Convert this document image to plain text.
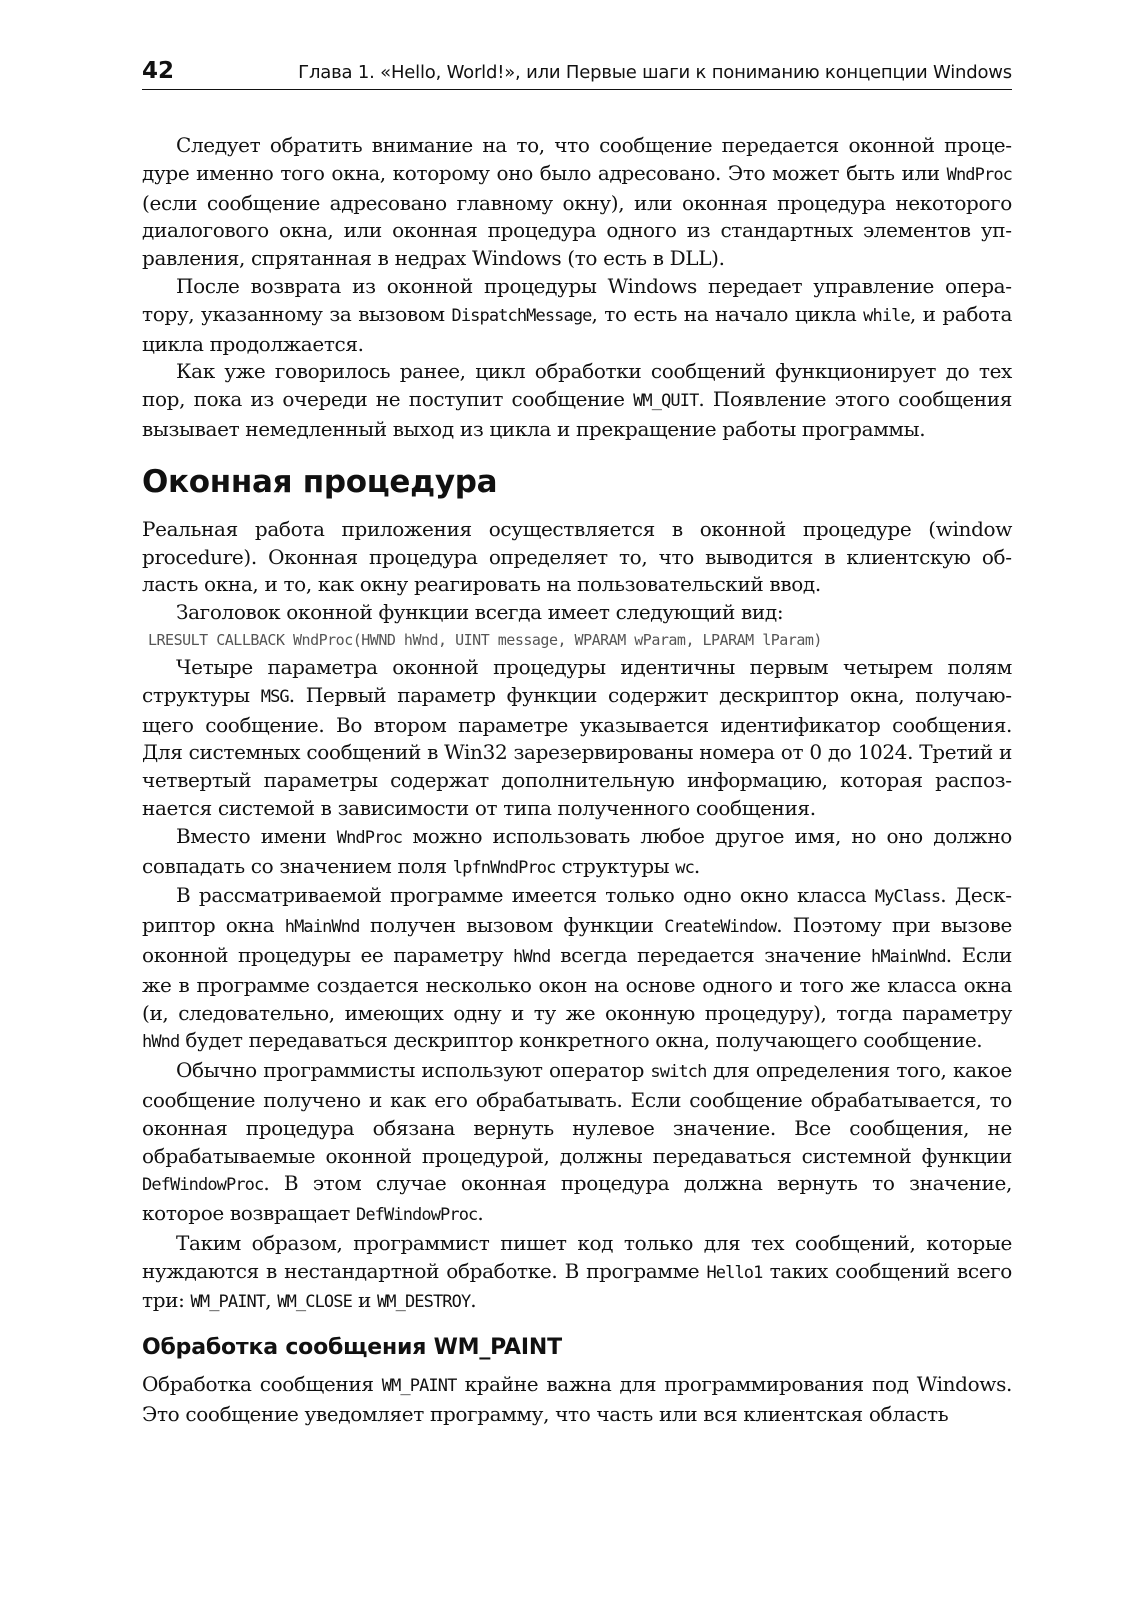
42	Глава 1. «Hello, World!», или Первые шаги к пониманию концепции Windows

Следует обратить внимание на то, что сообщение передается оконной процедуре именно того окна, которому оно было адресовано. Это может быть или WndProc (если сообщение адресовано главному окну), или оконная процедура некоторого диалогового окна, или оконная процедура одного из стандартных элементов управления, спрятанная в недрах Windows (то есть в DLL).

После возврата из оконной процедуры Windows передает управление оператору, указанному за вызовом DispatchMessage, то есть на начало цикла while, и работа цикла продолжается.

Как уже говорилось ранее, цикл обработки сообщений функционирует до тех пор, пока из очереди не поступит сообщение WM_QUIT. Появление этого сообщения вызывает немедленный выход из цикла и прекращение работы программы.

Оконная процедура

Реальная работа приложения осуществляется в оконной процедуре (window procedure). Оконная процедура определяет то, что выводится в клиентскую область окна, и то, как окну реагировать на пользовательский ввод.

Заголовок оконной функции всегда имеет следующий вид:

LRESULT CALLBACK WndProc(HWND hWnd, UINT message, WPARAM wParam, LPARAM lParam)

Четыре параметра оконной процедуры идентичны первым четырем полям структуры MSG. Первый параметр функции содержит дескриптор окна, получающего сообщение. Во втором параметре указывается идентификатор сообщения. Для системных сообщений в Win32 зарезервированы номера от 0 до 1024. Третий и четвертый параметры содержат дополнительную информацию, которая распознается системой в зависимости от типа полученного сообщения.

Вместо имени WndProc можно использовать любое другое имя, но оно должно совпадать со значением поля lpfnWndProc структуры wc.

В рассматриваемой программе имеется только одно окно класса MyClass. Дескриптор окна hMainWnd получен вызовом функции CreateWindow. Поэтому при вызове оконной процедуры ее параметру hWnd всегда передается значение hMainWnd. Если же в программе создается несколько окон на основе одного и того же класса окна (и, следовательно, имеющих одну и ту же оконную процедуру), тогда параметру hWnd будет передаваться дескриптор конкретного окна, получающего сообщение.

Обычно программисты используют оператор switch для определения того, какое сообщение получено и как его обрабатывать. Если сообщение обрабатывается, то оконная процедура обязана вернуть нулевое значение. Все сообщения, не обрабатываемые оконной процедурой, должны передаваться системной функции DefWindowProc. В этом случае оконная процедура должна вернуть то значение, которое возвращает DefWindowProc.

Таким образом, программист пишет код только для тех сообщений, которые нуждаются в нестандартной обработке. В программе Hello1 таких сообщений всего три: WM_PAINT, WM_CLOSE и WM_DESTROY.

Обработка сообщения WM_PAINT

Обработка сообщения WM_PAINT крайне важна для программирования под Windows. Это сообщение уведомляет программу, что часть или вся клиентская область
